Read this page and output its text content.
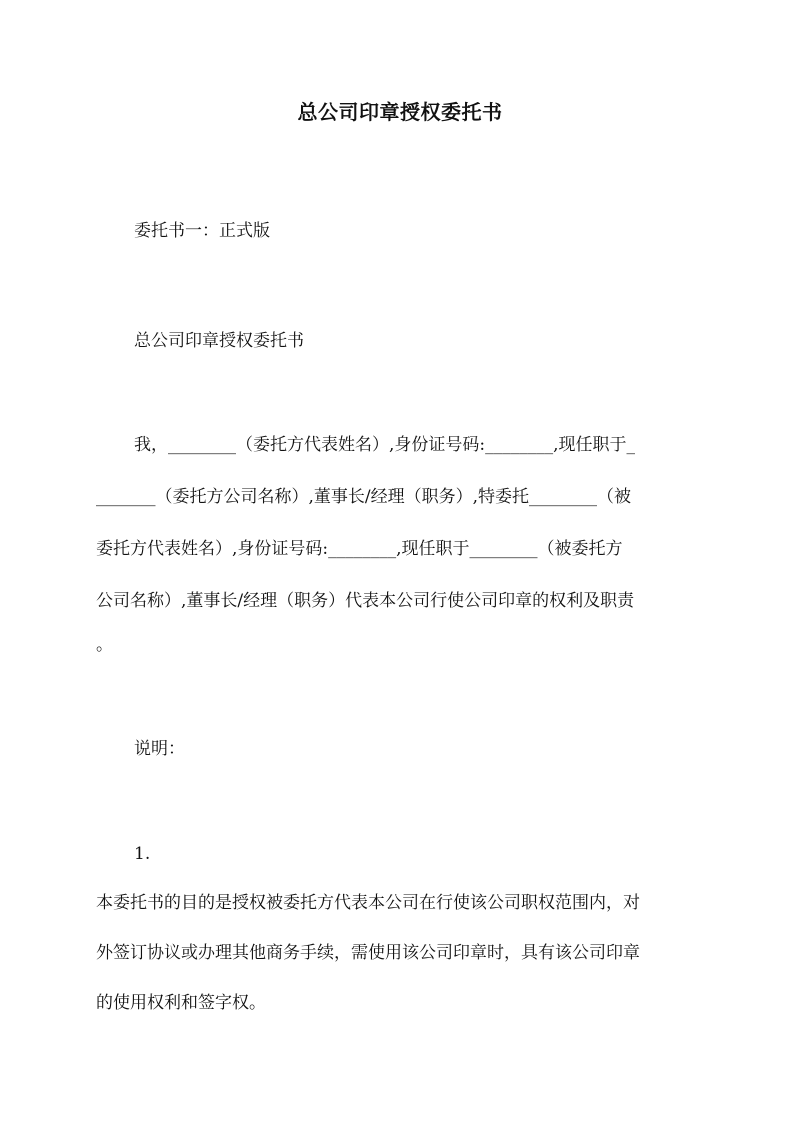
总公司印章授权委托书
委托书一：正式版
总公司印章授权委托书
我，________（委托方代表姓名）,身份证号码:________,现任职于_
_______（委托方公司名称）,董事长/经理（职务）,特委托________（被
委托方代表姓名）,身份证号码:________,现任职于________（被委托方
公司名称）,董事长/经理（职务）代表本公司行使公司印章的权利及职责
。
说明：
1.
本委托书的目的是授权被委托方代表本公司在行使该公司职权范围内，对
外签订协议或办理其他商务手续，需使用该公司印章时，具有该公司印章
的使用权利和签字权。
